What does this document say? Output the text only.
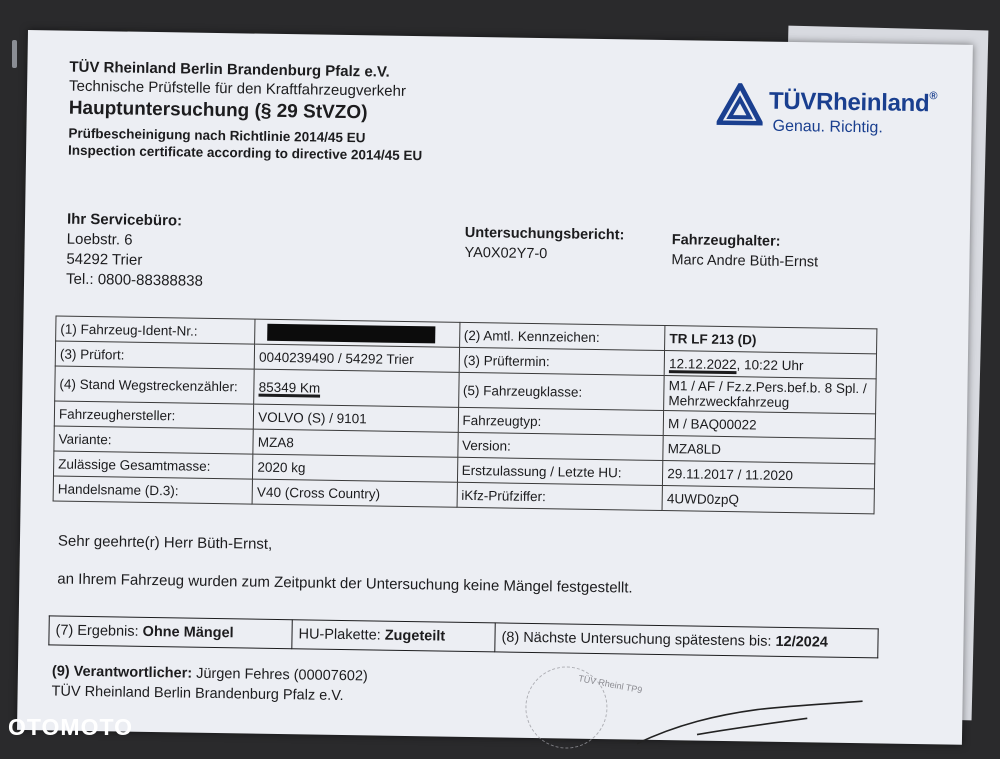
TÜV Rheinland Berlin Brandenburg Pfalz e.V.
Technische Prüfstelle für den Kraftfahrzeugverkehr
Hauptuntersuchung (§ 29 StVZO)
Prüfbescheinigung nach Richtlinie 2014/45 EU
Inspection certificate according to directive 2014/45 EU
TÜVRheinland®
Genau. Richtig.
Ihr Servicebüro:
Loebstr. 6
54292 Trier
Tel.: 0800-88388838
Untersuchungsbericht:
YA0X02Y7-0
Fahrzeughalter:
Marc Andre Büth-Ernst
(1) Fahrzeug-Ident-Nr.:		(2) Amtl. Kennzeichen:	TR LF 213 (D)
(3) Prüfort:	0040239490 / 54292 Trier	(3) Prüftermin:	12.12.2022, 10:22 Uhr
(4) Stand Wegstreckenzähler:	85349 Km	(5) Fahrzeugklasse:	M1 / AF / Fz.z.Pers.bef.b. 8 Spl. / Mehrzweckfahrzeug
Fahrzeughersteller:	VOLVO (S) / 9101	Fahrzeugtyp:	M / BAQ00022
Variante:	MZA8	Version:	MZA8LD
Zulässige Gesamtmasse:	2020 kg	Erstzulassung / Letzte HU:	29.11.2017 / 11.2020
Handelsname (D.3):	V40 (Cross Country)	iKfz-Prüfziffer:	4UWD0zpQ
Sehr geehrte(r) Herr Büth-Ernst,
an Ihrem Fahrzeug wurden zum Zeitpunkt der Untersuchung keine Mängel festgestellt.
(7) Ergebnis: Ohne Mängel	HU-Plakette: Zugeteilt	(8) Nächste Untersuchung spätestens bis: 12/2024
(9) Verantwortlicher: Jürgen Fehres (00007602)
TÜV Rheinland Berlin Brandenburg Pfalz e.V.
TÜV Rheinl TP9
OTOMOTO
